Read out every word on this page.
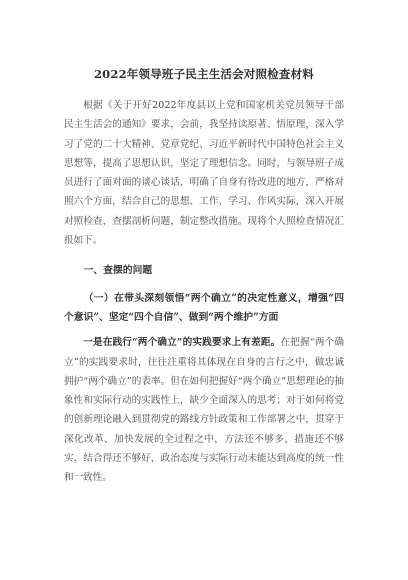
2022年领导班子民主生活会对照检查材料

根据《关于开好2022年度县以上党和国家机关党员领导干部民主生活会的通知》要求，会前，我坚持读原著、悟原理，深入学习了党的二十大精神、党章党纪、习近平新时代中国特色社会主义思想等，提高了思想认识，坚定了理想信念。同时，与领导班子成员进行了面对面的谈心谈话，明确了自身有待改进的地方，严格对照六个方面，结合自己的思想、工作、学习、作风实际，深入开展对照检查，查摆剖析问题，制定整改措施。现将个人照检查情况汇报如下。

一、查摆的问题
（一）在带头深刻领悟“两个确立”的决定性意义，增强“四个意识”、坚定“四个自信”、做到“两个维护”方面

一是在践行“两个确立”的实践要求上有差距。在把握“两个确立”的实践要求时，往往注重将其体现在自身的言行之中，做忠诚拥护“两个确立”的表率。但在如何把握好“两个确立”思想理论的抽象性和实际行动的实践性上，缺少全面深入的思考；对于如何将党的创新理论融入到贯彻党的路线方针政策和工作部署之中，贯穿于深化改革、加快发展的全过程之中，方法还不够多，措施还不够实，结合得还不够好，政治态度与实际行动未能达到高度的统一性和一致性。
